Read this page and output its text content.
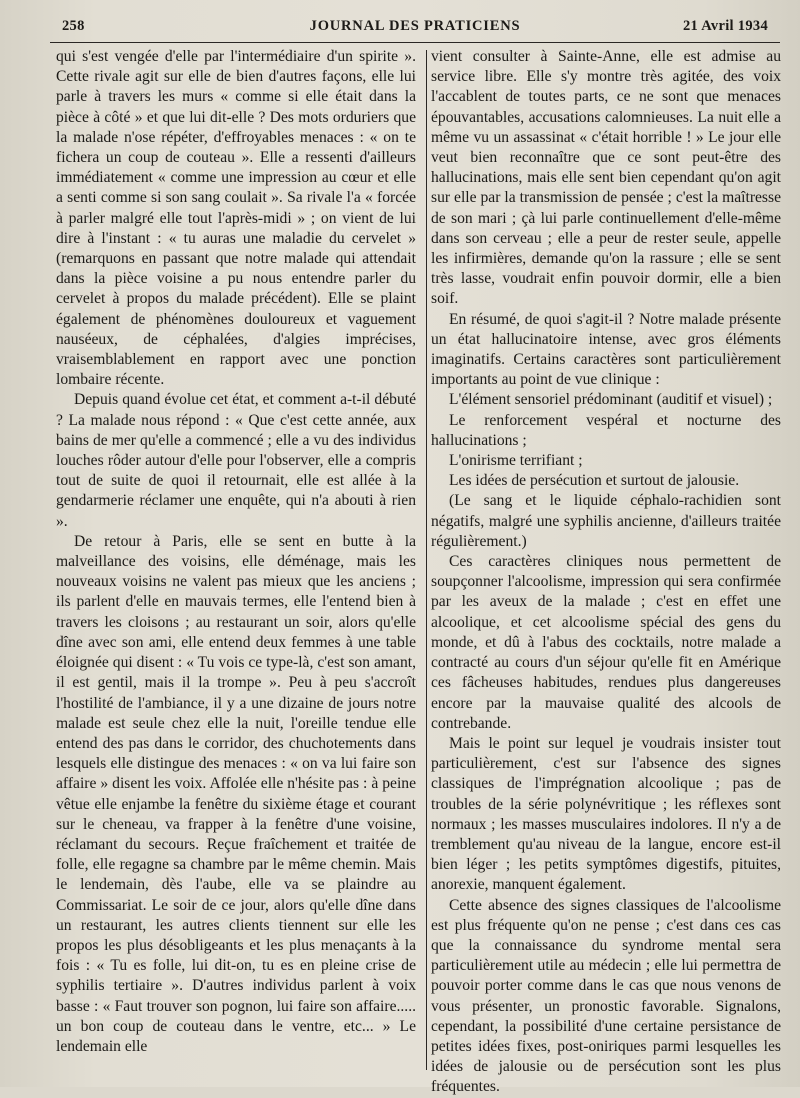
258	JOURNAL DES PRATICIENS	21 Avril 1934

qui s'est vengée d'elle par l'intermédiaire d'un spirite ». Cette rivale agit sur elle de bien d'autres façons, elle lui parle à travers les murs « comme si elle était dans la pièce à côté » et que lui dit-elle ? Des mots orduriers que la malade n'ose répéter, d'effroyables menaces : « on te fichera un coup de couteau ». Elle a ressenti d'ailleurs immédiatement « comme une impression au cœur et elle a senti comme si son sang coulait ». Sa rivale l'a « forcée à parler malgré elle tout l'après-midi » ; on vient de lui dire à l'instant : « tu auras une maladie du cervelet » (remarquons en passant que notre malade qui attendait dans la pièce voisine a pu nous entendre parler du cervelet à propos du malade précédent). Elle se plaint également de phénomènes douloureux et vaguement nauséeux, de céphalées, d'algies imprécises, vraisemblablement en rapport avec une ponction lombaire récente.

Depuis quand évolue cet état, et comment a-t-il débuté ? La malade nous répond : « Que c'est cette année, aux bains de mer qu'elle a commencé ; elle a vu des individus louches rôder autour d'elle pour l'observer, elle a compris tout de suite de quoi il retournait, elle est allée à la gendarmerie réclamer une enquête, qui n'a abouti à rien ».

De retour à Paris, elle se sent en butte à la malveillance des voisins, elle déménage, mais les nouveaux voisins ne valent pas mieux que les anciens ; ils parlent d'elle en mauvais termes, elle l'entend bien à travers les cloisons ; au restaurant un soir, alors qu'elle dîne avec son ami, elle entend deux femmes à une table éloignée qui disent : « Tu vois ce type-là, c'est son amant, il est gentil, mais il la trompe ». Peu à peu s'accroît l'hostilité de l'ambiance, il y a une dizaine de jours notre malade est seule chez elle la nuit, l'oreille tendue elle entend des pas dans le corridor, des chuchotements dans lesquels elle distingue des menaces : « on va lui faire son affaire » disent les voix. Affolée elle n'hésite pas : à peine vêtue elle enjambe la fenêtre du sixième étage et courant sur le cheneau, va frapper à la fenêtre d'une voisine, réclamant du secours. Reçue fraîchement et traitée de folle, elle regagne sa chambre par le même chemin. Mais le lendemain, dès l'aube, elle va se plaindre au Commissariat. Le soir de ce jour, alors qu'elle dîne dans un restaurant, les autres clients tiennent sur elle les propos les plus désobligeants et les plus menaçants à la fois : « Tu es folle, lui dit-on, tu es en pleine crise de syphilis tertiaire ». D'autres individus parlent à voix basse : « Faut trouver son pognon, lui faire son affaire..... un bon coup de couteau dans le ventre, etc... » Le lendemain elle

vient consulter à Sainte-Anne, elle est admise au service libre. Elle s'y montre très agitée, des voix l'accablent de toutes parts, ce ne sont que menaces épouvantables, accusations calomnieuses. La nuit elle a même vu un assassinat « c'était horrible ! » Le jour elle veut bien reconnaître que ce sont peut-être des hallucinations, mais elle sent bien cependant qu'on agit sur elle par la transmission de pensée ; c'est la maîtresse de son mari ; çà lui parle continuellement d'elle-même dans son cerveau ; elle a peur de rester seule, appelle les infirmières, demande qu'on la rassure ; elle se sent très lasse, voudrait enfin pouvoir dormir, elle a bien soif.

En résumé, de quoi s'agit-il ? Notre malade présente un état hallucinatoire intense, avec gros éléments imaginatifs. Certains caractères sont particulièrement importants au point de vue clinique :

L'élément sensoriel prédominant (auditif et visuel) ;

Le renforcement vespéral et nocturne des hallucinations ;

L'onirisme terrifiant ;

Les idées de persécution et surtout de jalousie.

(Le sang et le liquide céphalo-rachidien sont négatifs, malgré une syphilis ancienne, d'ailleurs traitée régulièrement.)

Ces caractères cliniques nous permettent de soupçonner l'alcoolisme, impression qui sera confirmée par les aveux de la malade ; c'est en effet une alcoolique, et cet alcoolisme spécial des gens du monde, et dû à l'abus des cocktails, notre malade a contracté au cours d'un séjour qu'elle fit en Amérique ces fâcheuses habitudes, rendues plus dangereuses encore par la mauvaise qualité des alcools de contrebande.

Mais le point sur lequel je voudrais insister tout particulièrement, c'est sur l'absence des signes classiques de l'imprégnation alcoolique ; pas de troubles de la série polynévritique ; les réflexes sont normaux ; les masses musculaires indolores. Il n'y a de tremblement qu'au niveau de la langue, encore est-il bien léger ; les petits symptômes digestifs, pituites, anorexie, manquent également.

Cette absence des signes classiques de l'alcoolisme est plus fréquente qu'on ne pense ; c'est dans ces cas que la connaissance du syndrome mental sera particulièrement utile au médecin ; elle lui permettra de pouvoir porter comme dans le cas que nous venons de vous présenter, un pronostic favorable. Signalons, cependant, la possibilité d'une certaine persistance de petites idées fixes, post-oniriques parmi lesquelles les idées de jalousie ou de persécution sont les plus fréquentes.
